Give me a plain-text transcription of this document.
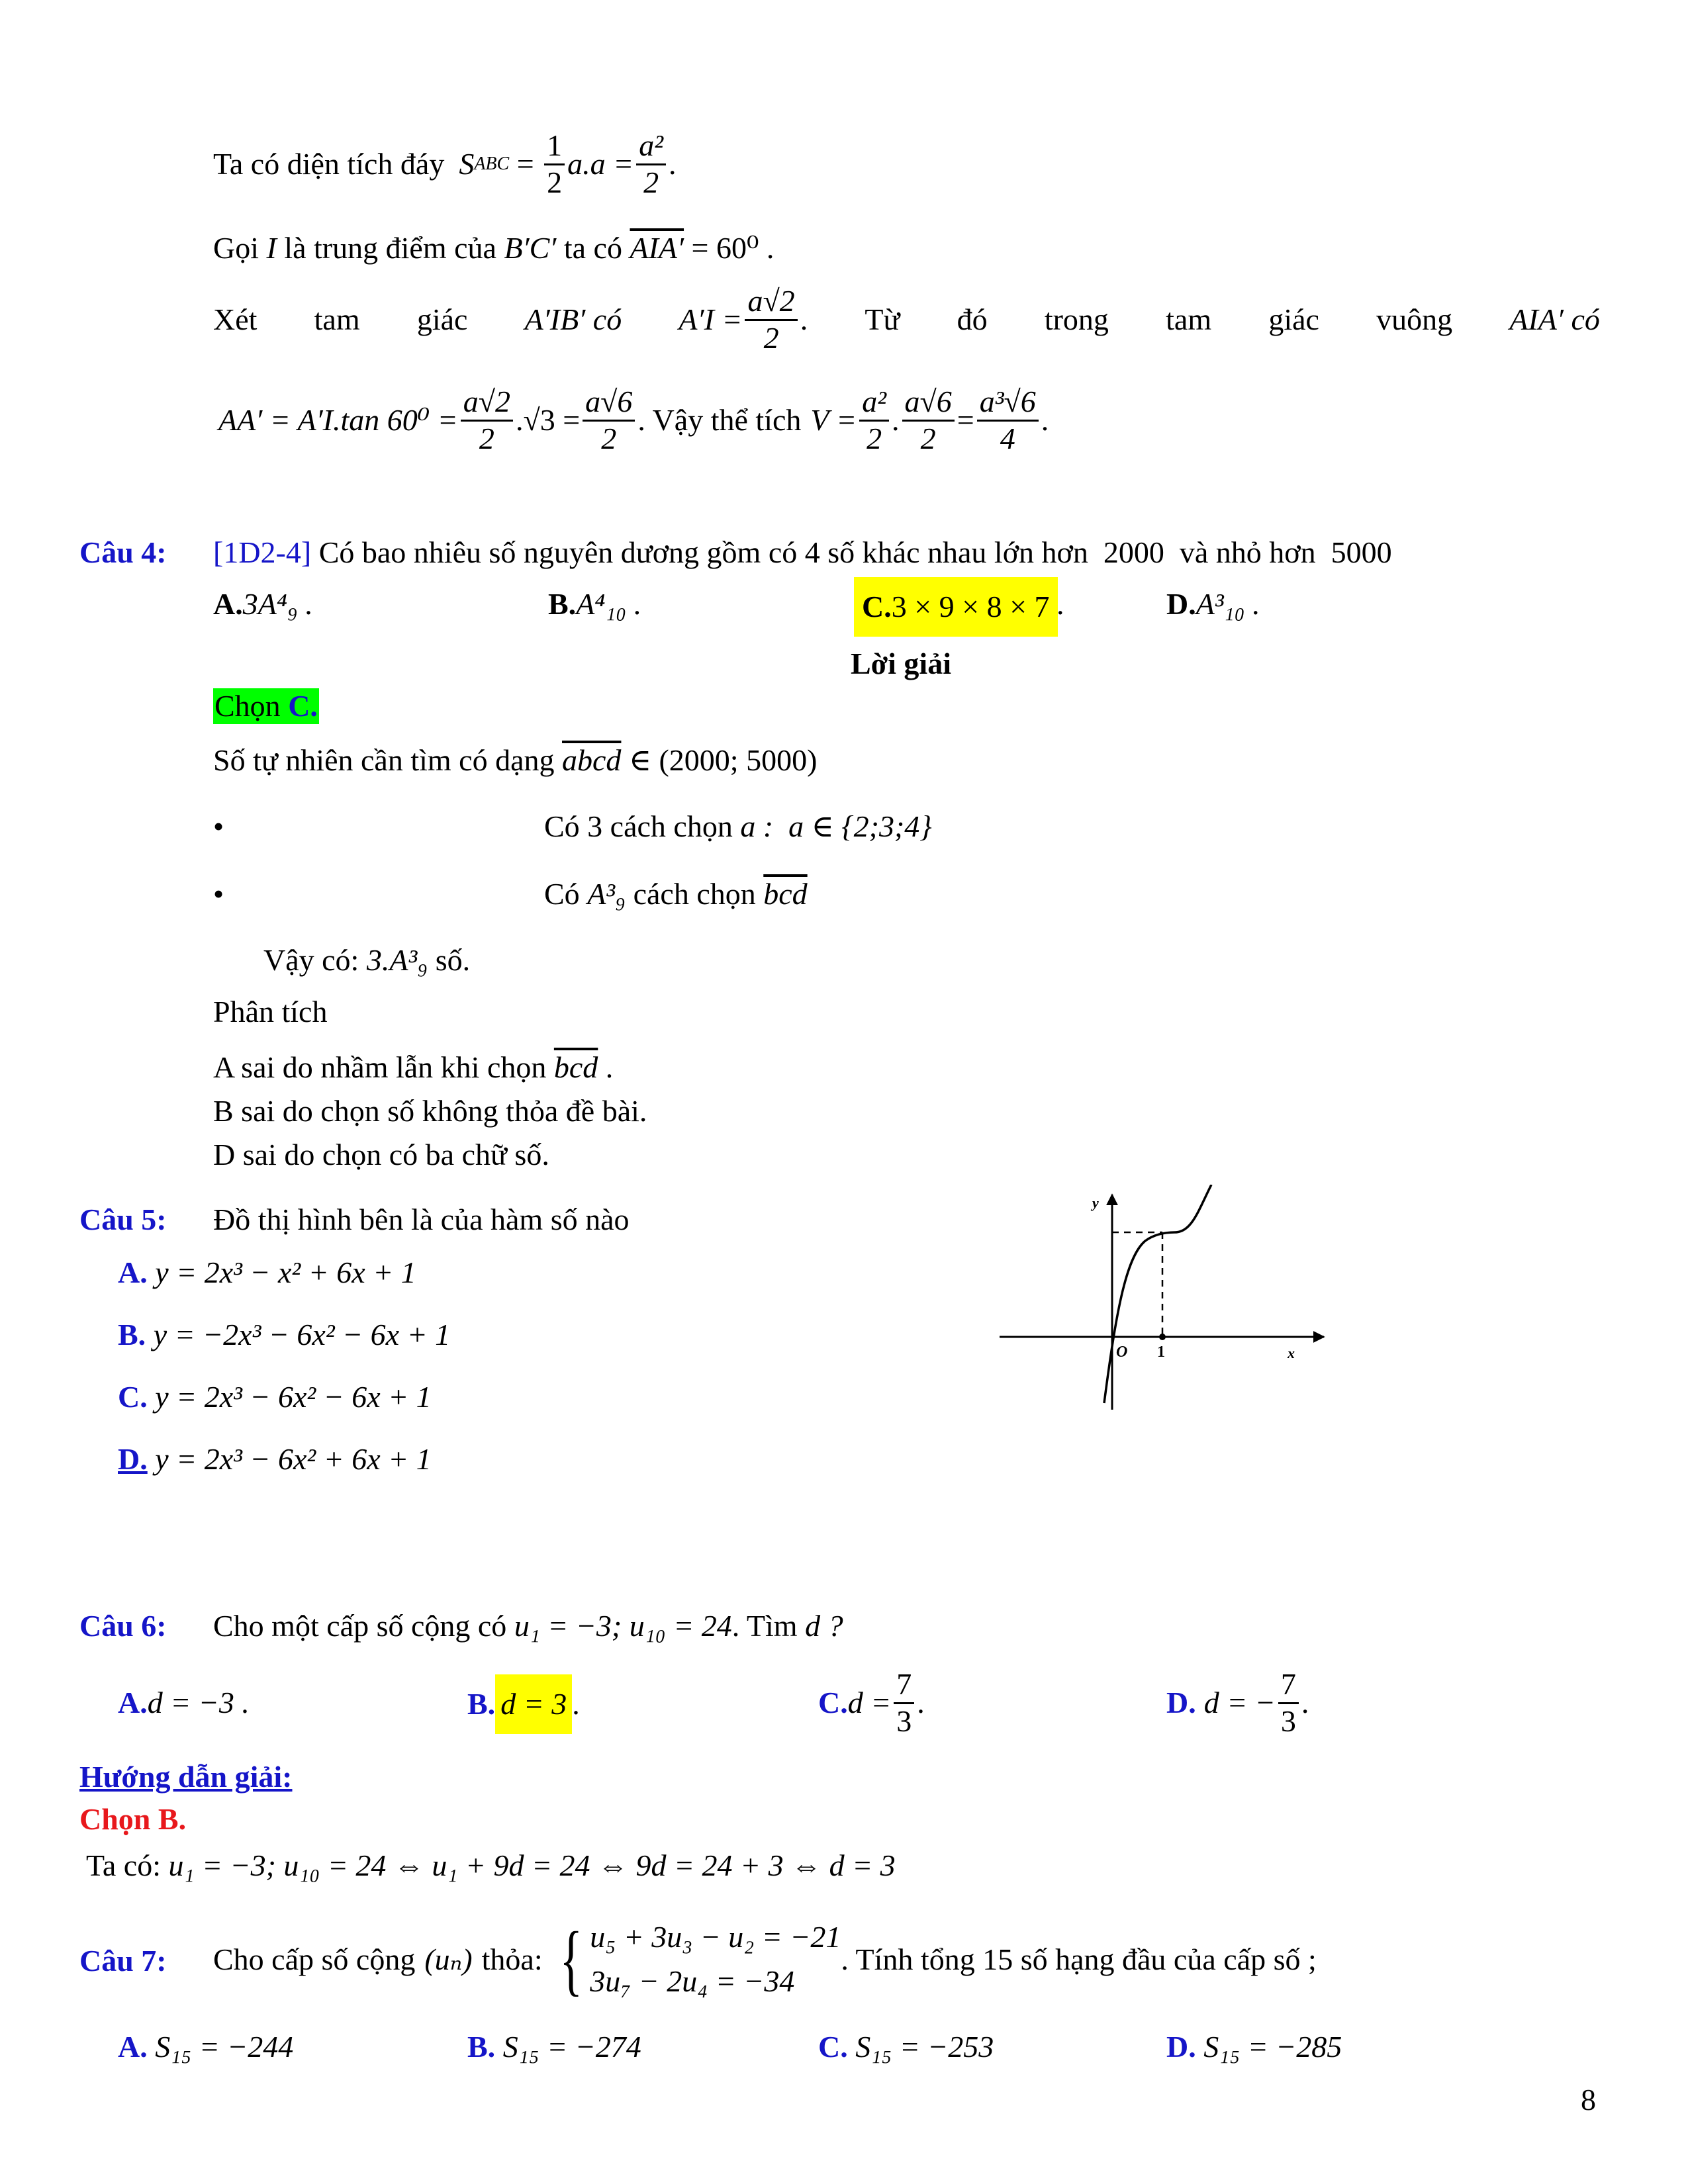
Ta có diện tích đáy S ABC = $\frac{1}{2} a.a = \frac{\text{a²}}{2}$ .
Gọi I là trung điểm của B′C′ ta có AIA′ = 60⁰ .
Xét tam giác A′IB′ có $A'I = \frac{a√2}{2}$ . Từ đó trong tam giác vuông AIA′ có
AA′ = A′I.tan $60^0 = \frac{a√2}{2} .√3 = \frac{a√6}{2}$ . Vậy thể tích $V = \frac{\text{a²}}{2}$ . $\frac{a√6}{2} = \frac{\text{a³√6}}{4}$ .
Câu 4: [1D2-4] Có bao nhiêu số nguyên dương gồm có 4 số khác nhau lớn hơn  2000  và nhỏ hơn  5000
A.3A⁴₉ .	B.A⁴₁₀ .	C. 3 × 9 × 8 × 7 .	D.A³₁₀ .
Lời giải
Chọn C.
Số tự nhiên cần tìm có dạng abcd ∈ (2000; 5000)
•	Có 3 cách chọn a :  a ∈ {2;3;4}
•	Có A³₉ cách chọn $\overline{bcd}$
Vậy có: 3.A³₉ số.
Phân tích
A sai do nhầm lẫn khi chọn $\overline{bcd}$ .
B sai do chọn số không thỏa đề bài.
D sai do chọn có ba chữ số.
Câu 5: Đồ thị hình bên là của hàm số nào
A. y = 2x³ − x² + 6x + 1
B. y = −2x³ − 6x² − 6x + 1
C. y = 2x³ − 6x² − 6x + 1
D. y = 2x³ − 6x² + 6x + 1
y
x
O 1
Câu 6: Cho một cấp số cộng có u₁ = −3; u₁₀ = 24. Tìm d ?
A.d = −3 .	B. d = 3 .	C. $d = \frac{7}{3}$ .	D. d = − $\frac{7}{3}$ .
Hướng dẫn giải:
Chọn B.
Ta có: u₁ = −3; u₁₀ = 24 ⇔ u₁ + 9d = 24 ⇔ 9d = 24 + 3 ⇔ d = 3
Câu 7: Cho cấp số cộng (uₙ) thỏa: { u₅ + 3u₃ − u₂ = −21
3u₇ − 2u₄ = −34
. Tính tổng 15 số hạng đầu của cấp số ;
A. S₁₅ = −244	B. S₁₅ = −274	C. S₁₅ = −253	D. S₁₅ = −285
8
